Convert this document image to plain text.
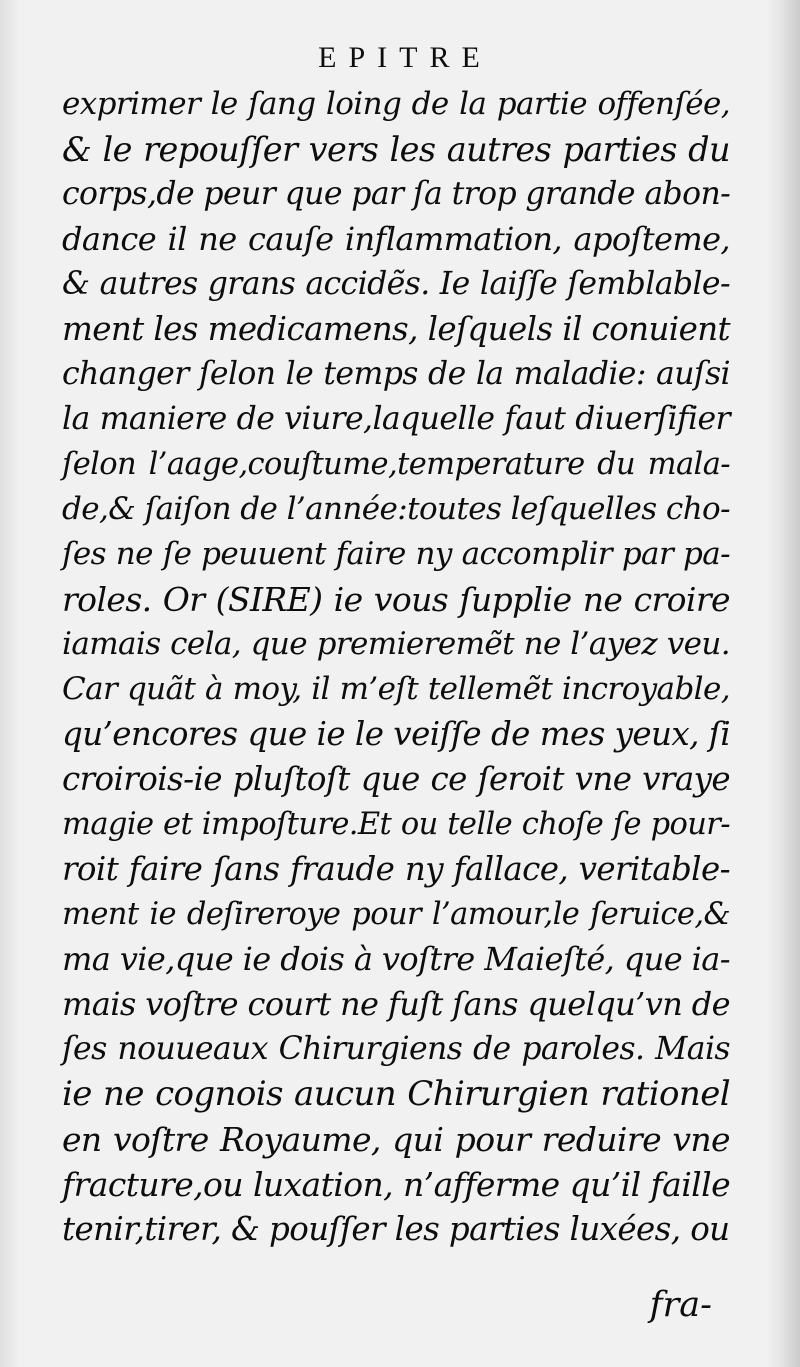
EPITRE
exprimer le ſang loing de la partie offenſée,
& le repouſſer vers les autres parties du
corps,de peur que par ſa trop grande abon-
dance il ne cauſe inflammation, apoſteme,
& autres grans accidẽs. Ie laiſſe ſemblable-
ment les medicamens, leſquels il conuient
changer ſelon le temps de la maladie: auſsi
la maniere de viure,laquelle faut diuerſifier
ſelon l’aage,couſtume,temperature du mala-
de,& ſaiſon de l’année:toutes leſquelles cho-
ſes ne ſe peuuent faire ny accomplir par pa-
roles. Or (SIRE) ie vous ſupplie ne croire
iamais cela, que premieremẽt ne l’ayez veu.
Car quãt à moy, il m’eſt tellemẽt incroyable,
qu’encores que ie le veiſſe de mes yeux, ſi
croirois-ie pluſtoſt que ce ſeroit vne vraye
magie et impoſture.Et ou telle choſe ſe pour-
roit faire ſans fraude ny fallace, veritable-
ment ie deſireroye pour l’amour,le ſeruice,&
ma vie,que ie dois à voſtre Maieſté, que ia-
mais voſtre court ne fuſt ſans quelqu’vn de
ſes nouueaux Chirurgiens de paroles. Mais
ie ne cognois aucun Chirurgien rationel
en voſtre Royaume, qui pour reduire vne
fracture,ou luxation, n’afferme qu’il faille
tenir,tirer, & pouſſer les parties luxées, ou
fra-
